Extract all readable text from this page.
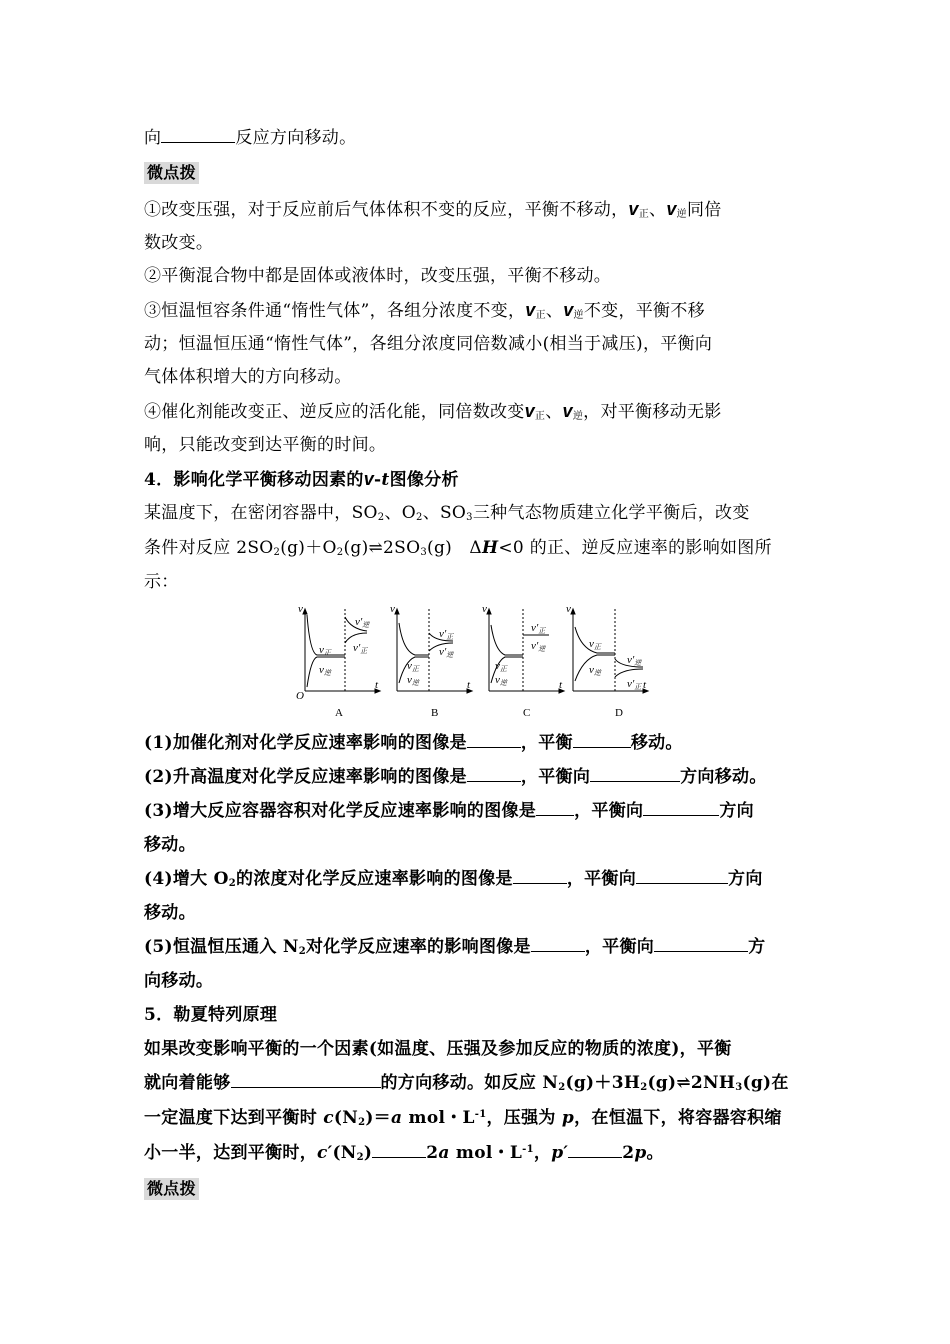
向	反应方向移动。
微点拨
①改变压强，对于反应前后气体体积不变的反应，平衡不移动，$v_正$、$v_逆$同倍
数改变。
②平衡混合物中都是固体或液体时，改变压强，平衡不移动。
③恒温恒容条件通“惰性气体”，各组分浓度不变，$v_正$、$v_逆$不变，平衡不移
动；恒温恒压通“惰性气体”，各组分浓度同倍数减小(相当于减压)，平衡向
气体体积增大的方向移动。
④催化剂能改变正、逆反应的活化能，同倍数改变$v_正$、$v_逆$，对平衡移动无影
响，只能改变到达平衡的时间。
4．影响化学平衡移动因素的v-t图像分析
某温度下，在密闭容器中，$SO_2$、$O_2$、$SO_3$三种气态物质建立化学平衡后，改变
条件对反应 $2SO_2(g)+O_2(g)\rightleftharpoons 2SO_3(g)$　ΔH<0 的正、逆反应速率的影响如图所
示：
v
O
t
v正
v逆
v′逆
v′正
A
v
t
v正
v逆
v′正
v′逆
B
v
t
v正
v逆
v′正
v′逆
C
v
t
v正
v逆
v′逆
v′正
D
(1)加催化剂对化学反应速率影响的图像是	，平衡	移动。
(2)升高温度对化学反应速率影响的图像是	，平衡向	方向移动。
(3)增大反应容器容积对化学反应速率影响的图像是 ，平衡向	方向
移动。
(4)增大 $O_2$的浓度对化学反应速率影响的图像是	，平衡向	方向
移动。
(5)恒温恒压通入 $N_2$对化学反应速率的影响图像是	，平衡向	方
向移动。
5．勒夏特列原理
如果改变影响平衡的一个因素(如温度、压强及参加反应的物质的浓度)，平衡
就向着能够	的方向移动。如反应 $N_2(g)+3H_2(g)\rightleftharpoons 2NH_3(g)$在
一定温度下达到平衡时 $c(N_2)=a$ mol・$L^{-1}$，压强为 p，在恒温下，将容器容积缩
小一半，达到平衡时，$c'(N_2)$	2a mol・$L^{-1}$，p′	2p。
微点拨
